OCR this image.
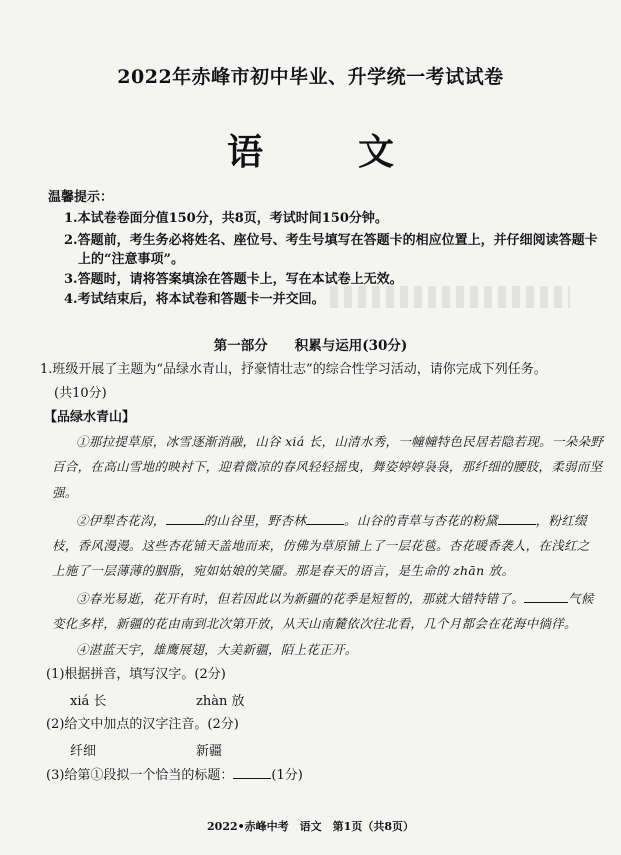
2022年赤峰市初中毕业、升学统一考试试卷
语	文
温馨提示：
1.本试卷卷面分值150分，共8页，考试时间150分钟。
2.答题前，考生务必将姓名、座位号、考生号填写在答题卡的相应位置上，并仔细阅读答题卡
上的“注意事项”。
3.答题时，请将答案填涂在答题卡上，写在本试卷上无效。
4.考试结束后，将本试卷和答题卡一并交回。
第一部分　　积累与运用(30分)
1.班级开展了主题为“品绿水青山，抒豪情壮志”的综合性学习活动，请你完成下列任务。
(共10分)
【品绿水青山】
①那拉提草原，冰雪逐渐消融，山谷 xiá 长，山清水秀，一幢幢特色民居若隐若现。一朵朵野
百合，在高山雪地的映衬下，迎着微凉的春风轻轻摇曳，舞姿婷婷袅袅，那纤细的腰肢，柔弱而坚
强。
②伊犁杏花沟，	的山谷里，野杏林	。山谷的青草与杏花的粉黛	，粉红缀
枝，香风漫漫。这些杏花铺天盖地而来，仿佛为草原铺上了一层花毯。杏花暖香袭人，在浅红之
上施了一层薄薄的胭脂，宛如姑娘的笑靥。那是春天的语言，是生命的 zhān 放。
③春光易逝，花开有时，但若因此以为新疆的花季是短暂的，那就大错特错了。	气候
变化多样，新疆的花由南到北次第开放，从天山南麓依次往北看，几个月都会在花海中徜徉。
④湛蓝天宇，雄鹰展翅，大美新疆，陌上花正开。
(1)根据拼音，填写汉字。(2分)
xiá 长	zhàn 放
(2)给文中加点的汉字注音。(2分)
纤细	新疆
(3)给第①段拟一个恰当的标题：	(1分)
2022•赤峰中考　语文　第1页（共8页）
